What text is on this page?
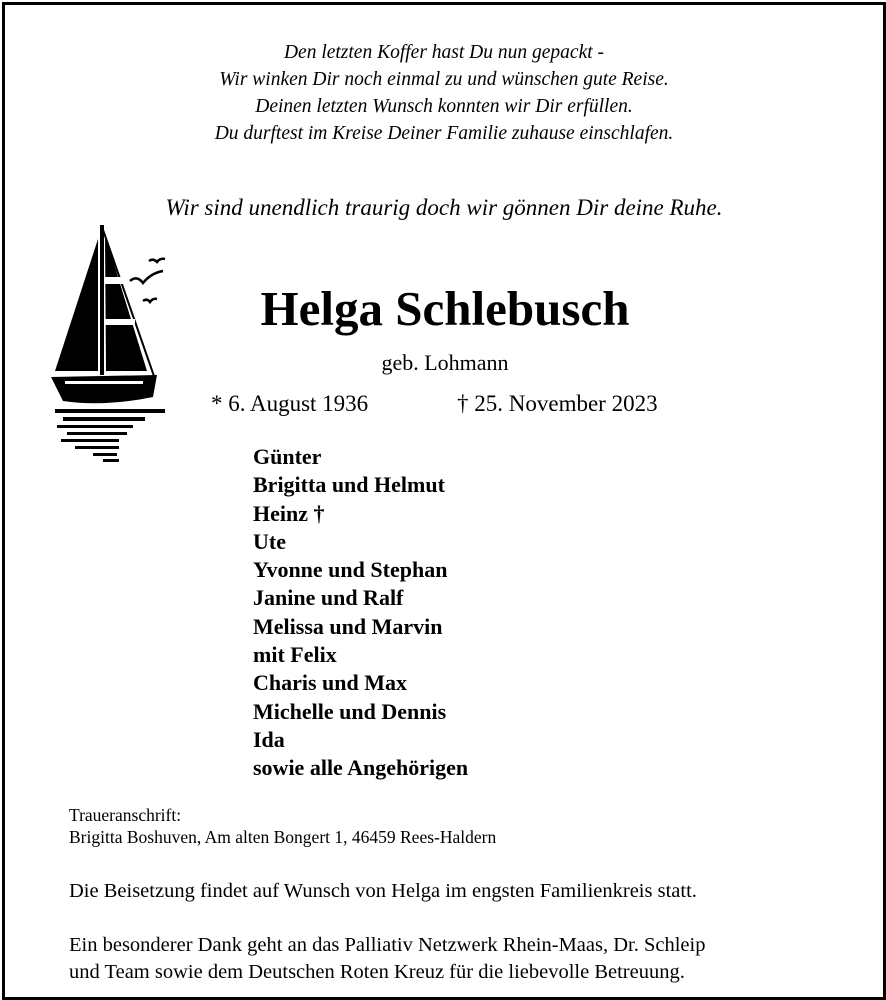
Den letzten Koffer hast Du nun gepackt -
Wir winken Dir noch einmal zu und wünschen gute Reise.
Deinen letzten Wunsch konnten wir Dir erfüllen.
Du durftest im Kreise Deiner Familie zuhause einschlafen.
Wir sind unendlich traurig doch wir gönnen Dir deine Ruhe.
Helga Schlebusch
geb. Lohmann
* 6. August 1936	† 25. November 2023
Günter
Brigitta und Helmut
Heinz †
Ute
Yvonne und Stephan
Janine und Ralf
Melissa und Marvin
mit Felix
Charis und Max
Michelle und Dennis
Ida
sowie alle Angehörigen
Traueranschrift:
Brigitta Boshuven, Am alten Bongert 1, 46459 Rees-Haldern
Die Beisetzung findet auf Wunsch von Helga im engsten Familienkreis statt.
Ein besonderer Dank geht an das Palliativ Netzwerk Rhein-Maas, Dr. Schleip
und Team sowie dem Deutschen Roten Kreuz für die liebevolle Betreuung.
